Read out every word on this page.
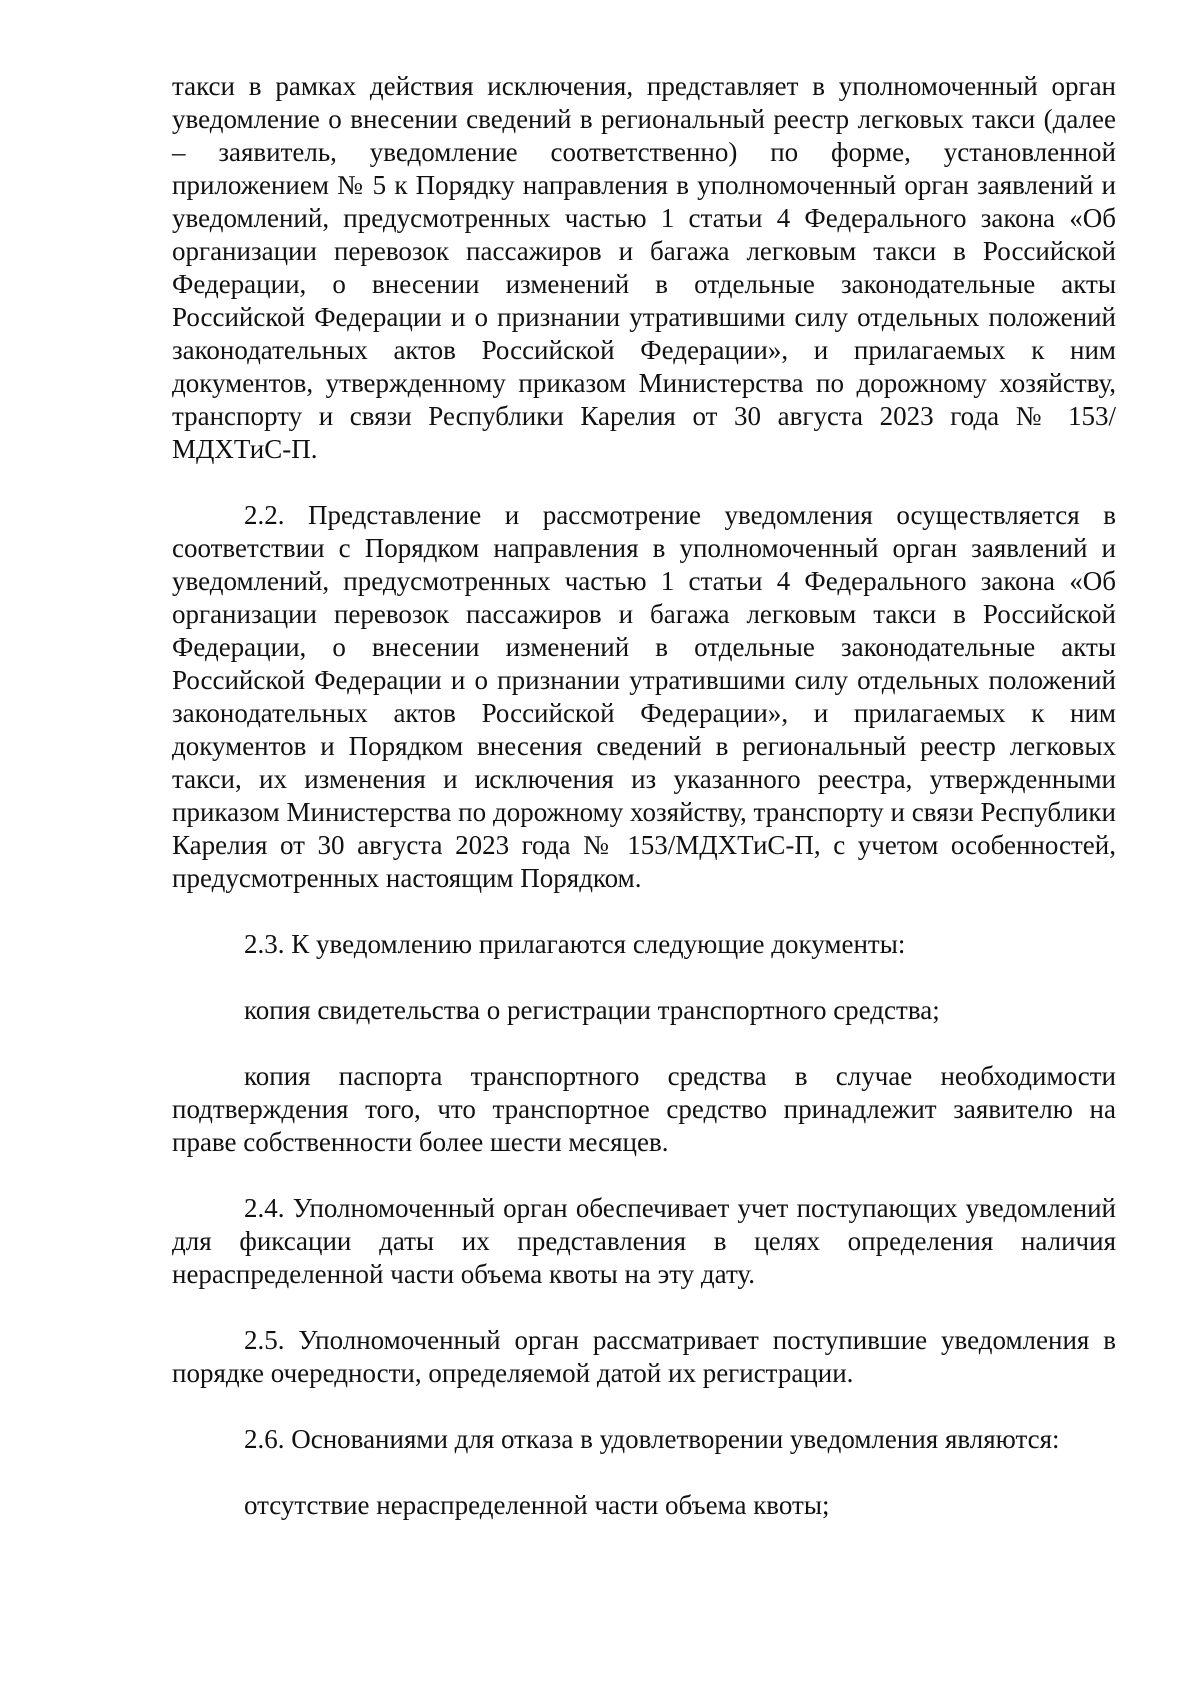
такси в рамках действия исключения, представляет в уполномоченный орган уведомление о внесении сведений в региональный реестр легковых такси (далее – заявитель, уведомление соответственно) по форме, установленной приложением № 5 к Порядку направления в уполномоченный орган заявлений и уведомлений, предусмотренных частью 1 статьи 4 Федерального закона «Об организации перевозок пассажиров и багажа легковым такси в Российской Федерации, о внесении изменений в отдельные законодательные акты Российской Федерации и о признании утратившими силу отдельных положений законодательных актов Российской Федерации», и прилагаемых к ним документов, утвержденному приказом Министерства по дорожному хозяйству, транспорту и связи Республики Карелия от 30 августа 2023 года № 153/МДХТиС-П.

2.2. Представление и рассмотрение уведомления осуществляется в соответствии с Порядком направления в уполномоченный орган заявлений и уведомлений, предусмотренных частью 1 статьи 4 Федерального закона «Об организации перевозок пассажиров и багажа легковым такси в Российской Федерации, о внесении изменений в отдельные законодательные акты Российской Федерации и о признании утратившими силу отдельных положений законодательных актов Российской Федерации», и прилагаемых к ним документов и Порядком внесения сведений в региональный реестр легковых такси, их изменения и исключения из указанного реестра, утвержденными приказом Министерства по дорожному хозяйству, транспорту и связи Республики Карелия от 30 августа 2023 года № 153/МДХТиС-П, с учетом особенностей, предусмотренных настоящим Порядком.

2.3. К уведомлению прилагаются следующие документы:

копия свидетельства о регистрации транспортного средства;

копия паспорта транспортного средства в случае необходимости подтверждения того, что транспортное средство принадлежит заявителю на праве собственности более шести месяцев.

2.4. Уполномоченный орган обеспечивает учет поступающих уведомлений для фиксации даты их представления в целях определения наличия нераспределенной части объема квоты на эту дату.

2.5. Уполномоченный орган рассматривает поступившие уведомления в порядке очередности, определяемой датой их регистрации.

2.6. Основаниями для отказа в удовлетворении уведомления являются:

отсутствие нераспределенной части объема квоты;
